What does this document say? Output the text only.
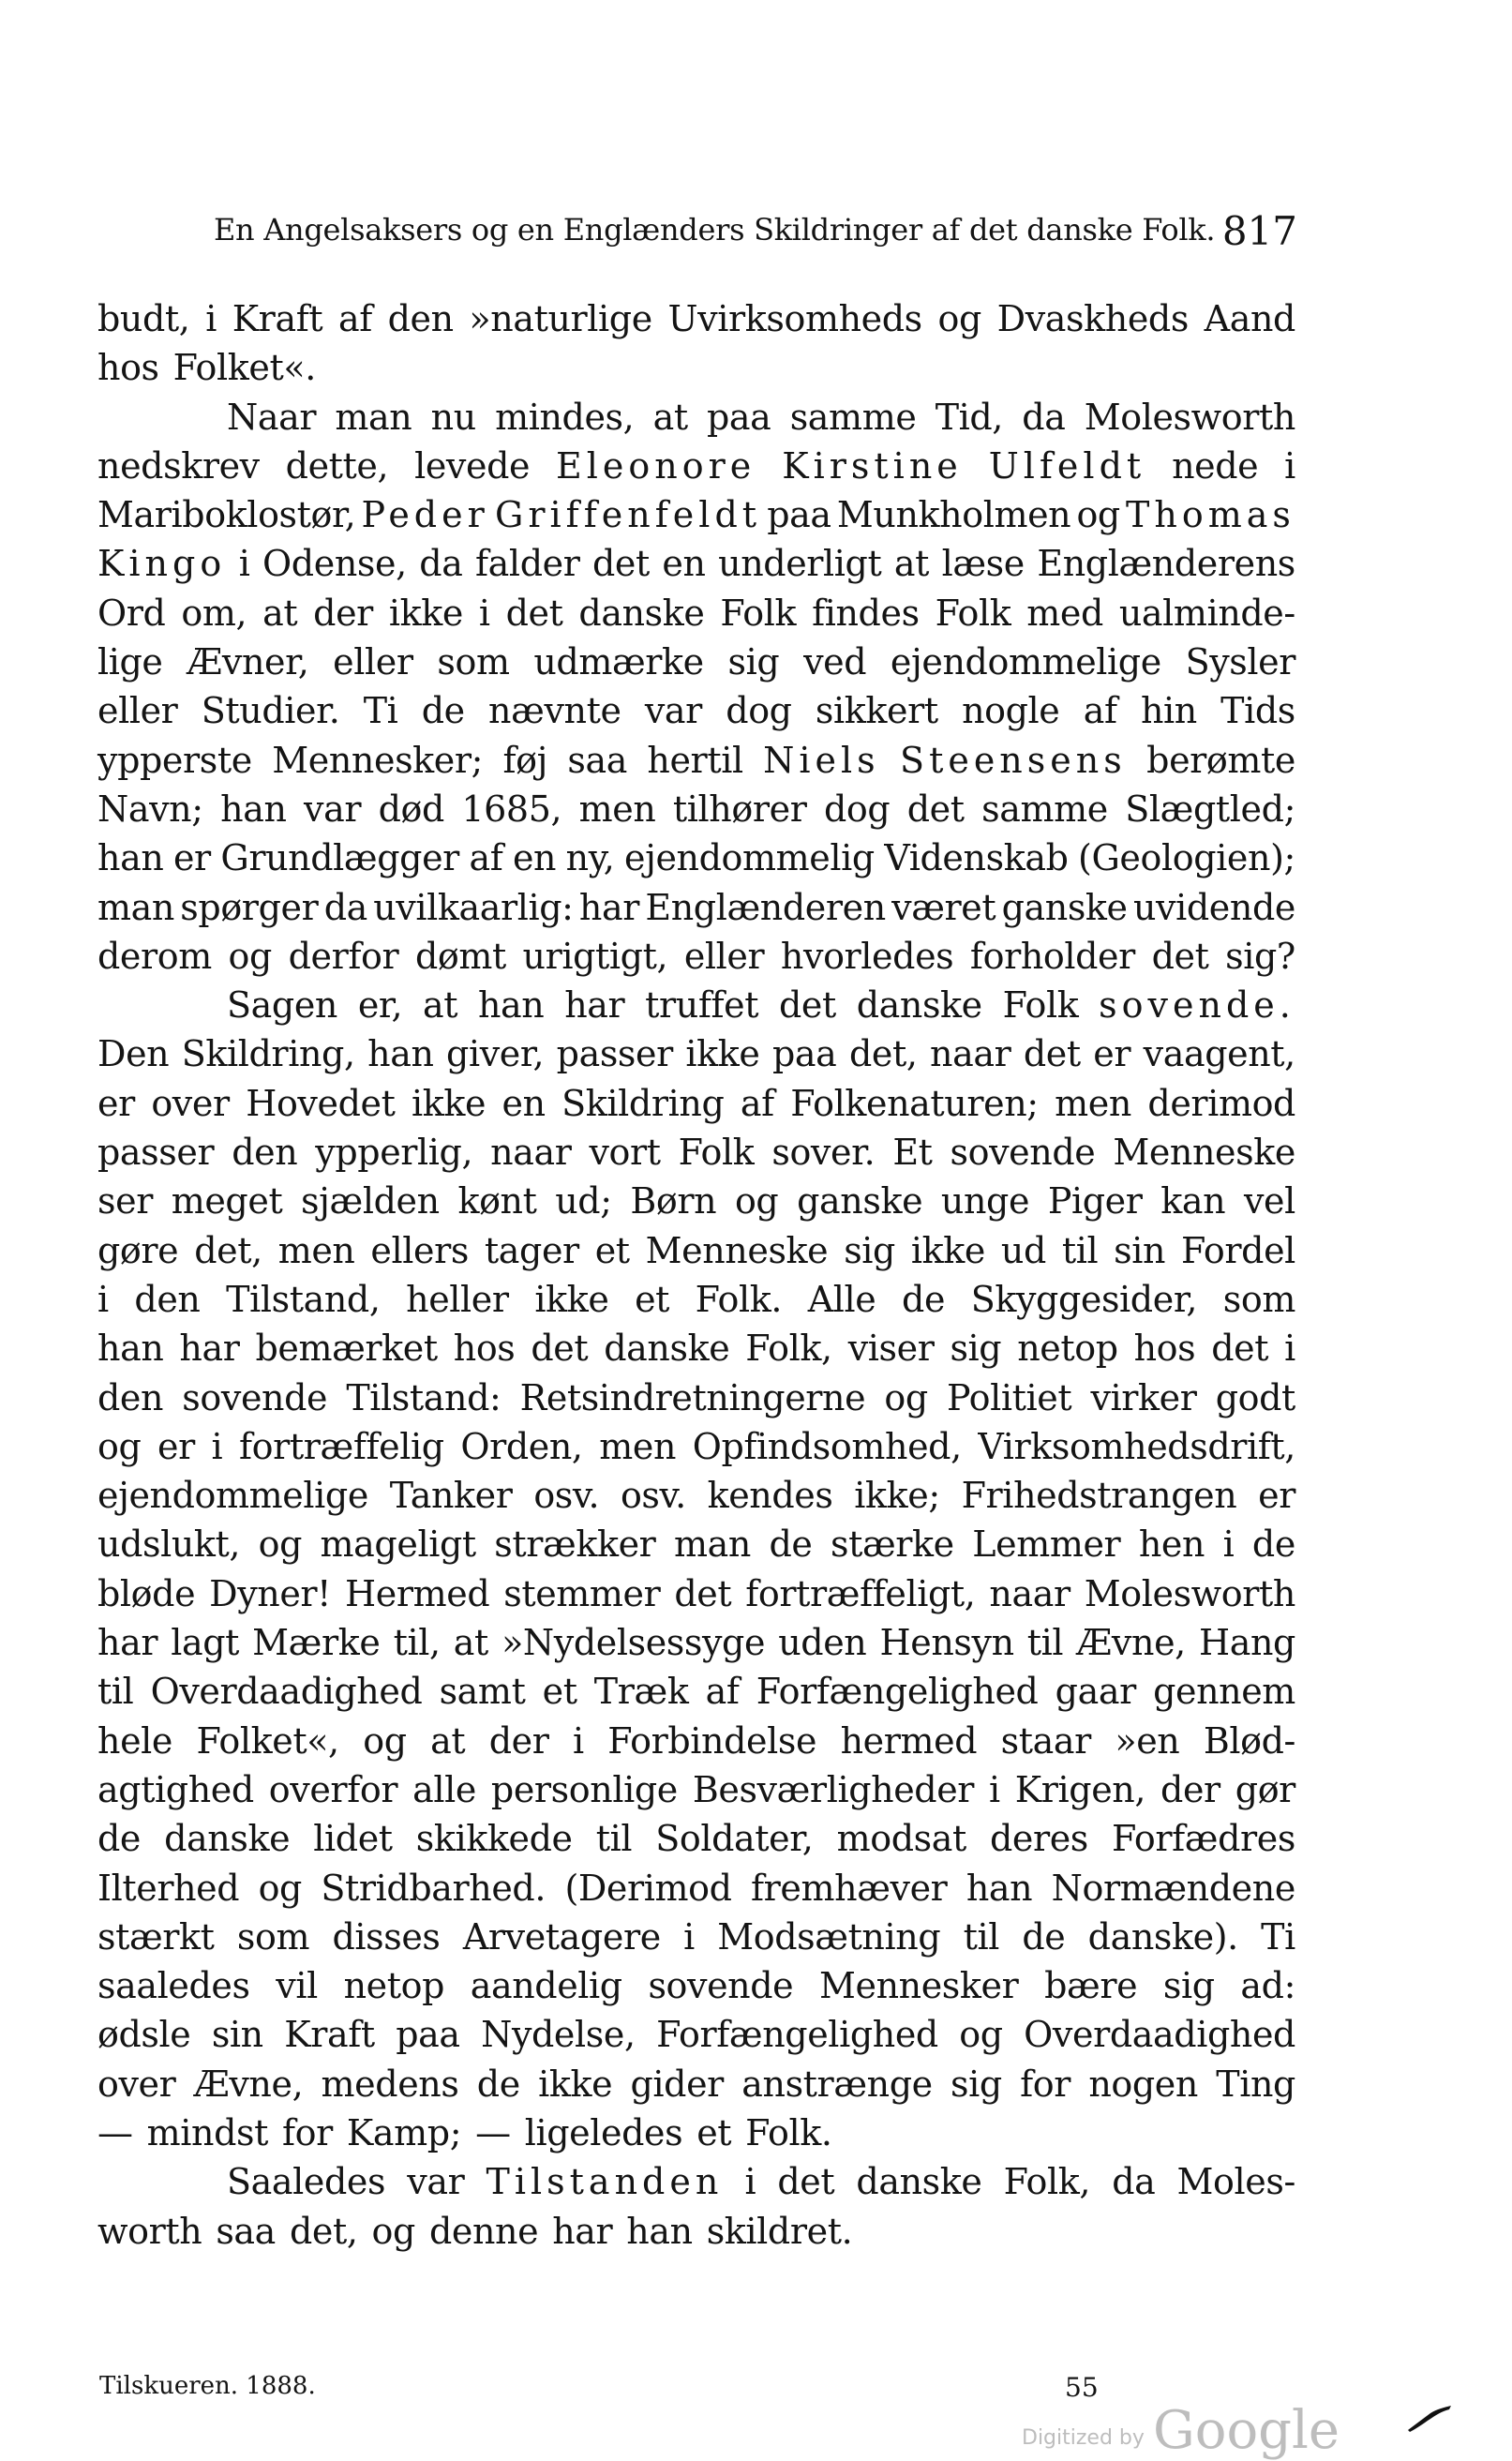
En Angelsaksers og en Englænders Skildringer af det danske Folk. 817
budt, i Kraft af den »naturlige Uvirksomheds og Dvaskheds Aand
hos Folket«.
Naar man nu mindes, at paa samme Tid, da Molesworth
nedskrev dette, levede Eleonore Kirstine Ulfeldt nede i
Mariboklostør, Peder Griffenfeldt paa Munkholmen og Thomas
Kingo i Odense, da falder det en underligt at læse Englænderens
Ord om, at der ikke i det danske Folk findes Folk med ualminde-
lige Ævner, eller som udmærke sig ved ejendommelige Sysler
eller Studier. Ti de nævnte var dog sikkert nogle af hin Tids
ypperste Mennesker; føj saa hertil Niels Steensens berømte
Navn; han var død 1685, men tilhører dog det samme Slægtled;
han er Grundlægger af en ny, ejendommelig Videnskab (Geologien);
man spørger da uvilkaarlig: har Englænderen været ganske uvidende
derom og derfor dømt urigtigt, eller hvorledes forholder det sig?
Sagen er, at han har truffet det danske Folk sovende.
Den Skildring, han giver, passer ikke paa det, naar det er vaagent,
er over Hovedet ikke en Skildring af Folkenaturen; men derimod
passer den ypperlig, naar vort Folk sover. Et sovende Menneske
ser meget sjælden kønt ud; Børn og ganske unge Piger kan vel
gøre det, men ellers tager et Menneske sig ikke ud til sin Fordel
i den Tilstand, heller ikke et Folk. Alle de Skyggesider, som
han har bemærket hos det danske Folk, viser sig netop hos det i
den sovende Tilstand: Retsindretningerne og Politiet virker godt
og er i fortræffelig Orden, men Opfindsomhed, Virksomhedsdrift,
ejendommelige Tanker osv. osv. kendes ikke; Frihedstrangen er
udslukt, og mageligt strækker man de stærke Lemmer hen i de
bløde Dyner! Hermed stemmer det fortræffeligt, naar Molesworth
har lagt Mærke til, at »Nydelsessyge uden Hensyn til Ævne, Hang
til Overdaadighed samt et Træk af Forfængelighed gaar gennem
hele Folket«, og at der i Forbindelse hermed staar »en Blød-
agtighed overfor alle personlige Besværligheder i Krigen, der gør
de danske lidet skikkede til Soldater, modsat deres Forfædres
Ilterhed og Stridbarhed. (Derimod fremhæver han Normændene
stærkt som disses Arvetagere i Modsætning til de danske). Ti
saaledes vil netop aandelig sovende Mennesker bære sig ad:
ødsle sin Kraft paa Nydelse, Forfængelighed og Overdaadighed
over Ævne, medens de ikke gider anstrænge sig for nogen Ting
— mindst for Kamp; — ligeledes et Folk.
Saaledes var Tilstanden i det danske Folk, da Moles-
worth saa det, og denne har han skildret.
Tilskueren. 1888.	55
Digitized by Google
